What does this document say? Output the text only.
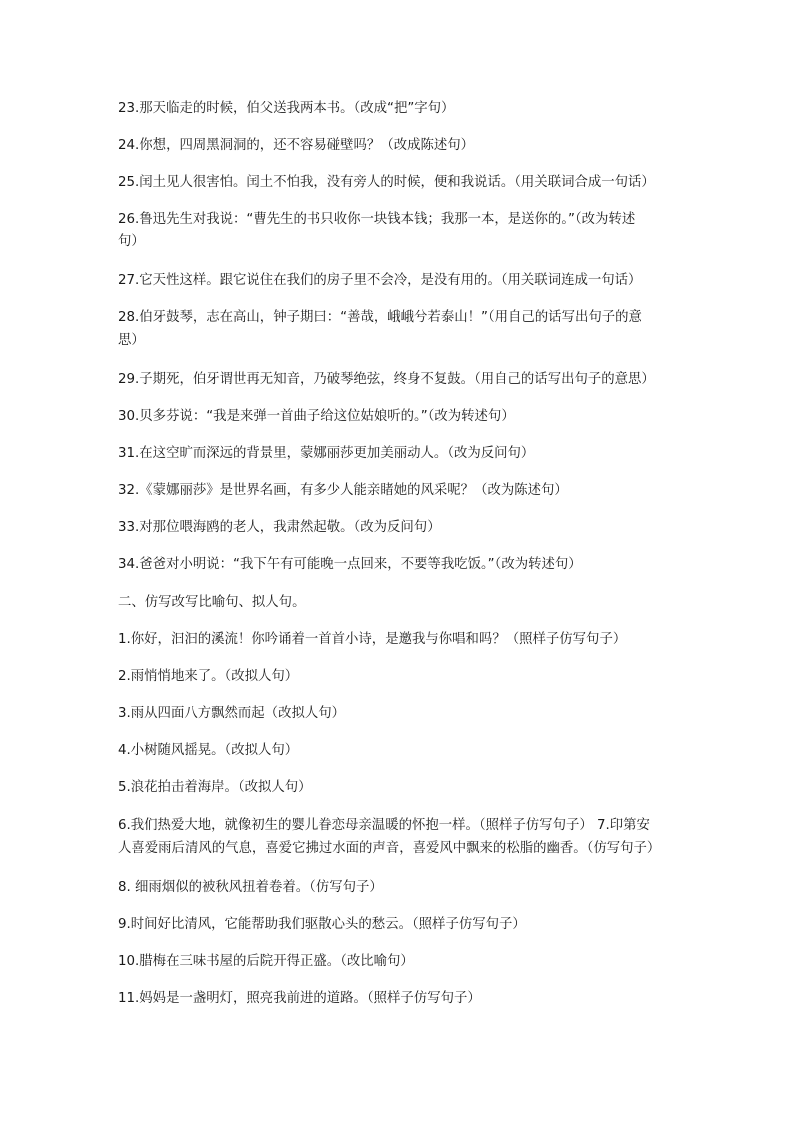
23.那天临走的时候，伯父送我两本书。（改成“把”字句）
24.你想，四周黑洞洞的，还不容易碰壁吗？（改成陈述句）
25.闰土见人很害怕。闰土不怕我，没有旁人的时候，便和我说话。（用关联词合成一句话）
26.鲁迅先生对我说：“曹先生的书只收你一块钱本钱；我那一本，是送你的。”（改为转述
句）
27.它天性这样。跟它说住在我们的房子里不会冷，是没有用的。（用关联词连成一句话）
28.伯牙鼓琴，志在高山，钟子期曰：“善哉，峨峨兮若泰山！”（用自己的话写出句子的意
思）
29.子期死，伯牙谓世再无知音，乃破琴绝弦，终身不复鼓。（用自己的话写出句子的意思）
30.贝多芬说：“我是来弹一首曲子给这位姑娘听的。”（改为转述句）
31.在这空旷而深远的背景里，蒙娜丽莎更加美丽动人。（改为反问句）
32.《蒙娜丽莎》是世界名画，有多少人能亲睹她的风采呢？（改为陈述句）
33.对那位喂海鸥的老人，我肃然起敬。（改为反问句）
34.爸爸对小明说：“我下午有可能晚一点回来，不要等我吃饭。”（改为转述句）
二、仿写改写比喻句、拟人句。
1.你好，汩汩的溪流！你吟诵着一首首小诗，是邀我与你唱和吗？（照样子仿写句子）
2.雨悄悄地来了。（改拟人句）
3.雨从四面八方飘然而起（改拟人句）
4.小树随风摇晃。（改拟人句）
5.浪花拍击着海岸。（改拟人句）
6.我们热爱大地，就像初生的婴儿眷恋母亲温暖的怀抱一样。（照样子仿写句子） 7.印第安
人喜爱雨后清风的气息，喜爱它拂过水面的声音，喜爱风中飘来的松脂的幽香。（仿写句子）
8. 细雨烟似的被秋风扭着卷着。（仿写句子）
9.时间好比清风，它能帮助我们驱散心头的愁云。（照样子仿写句子）
10.腊梅在三味书屋的后院开得正盛。（改比喻句）
11.妈妈是一盏明灯，照亮我前进的道路。（照样子仿写句子）
